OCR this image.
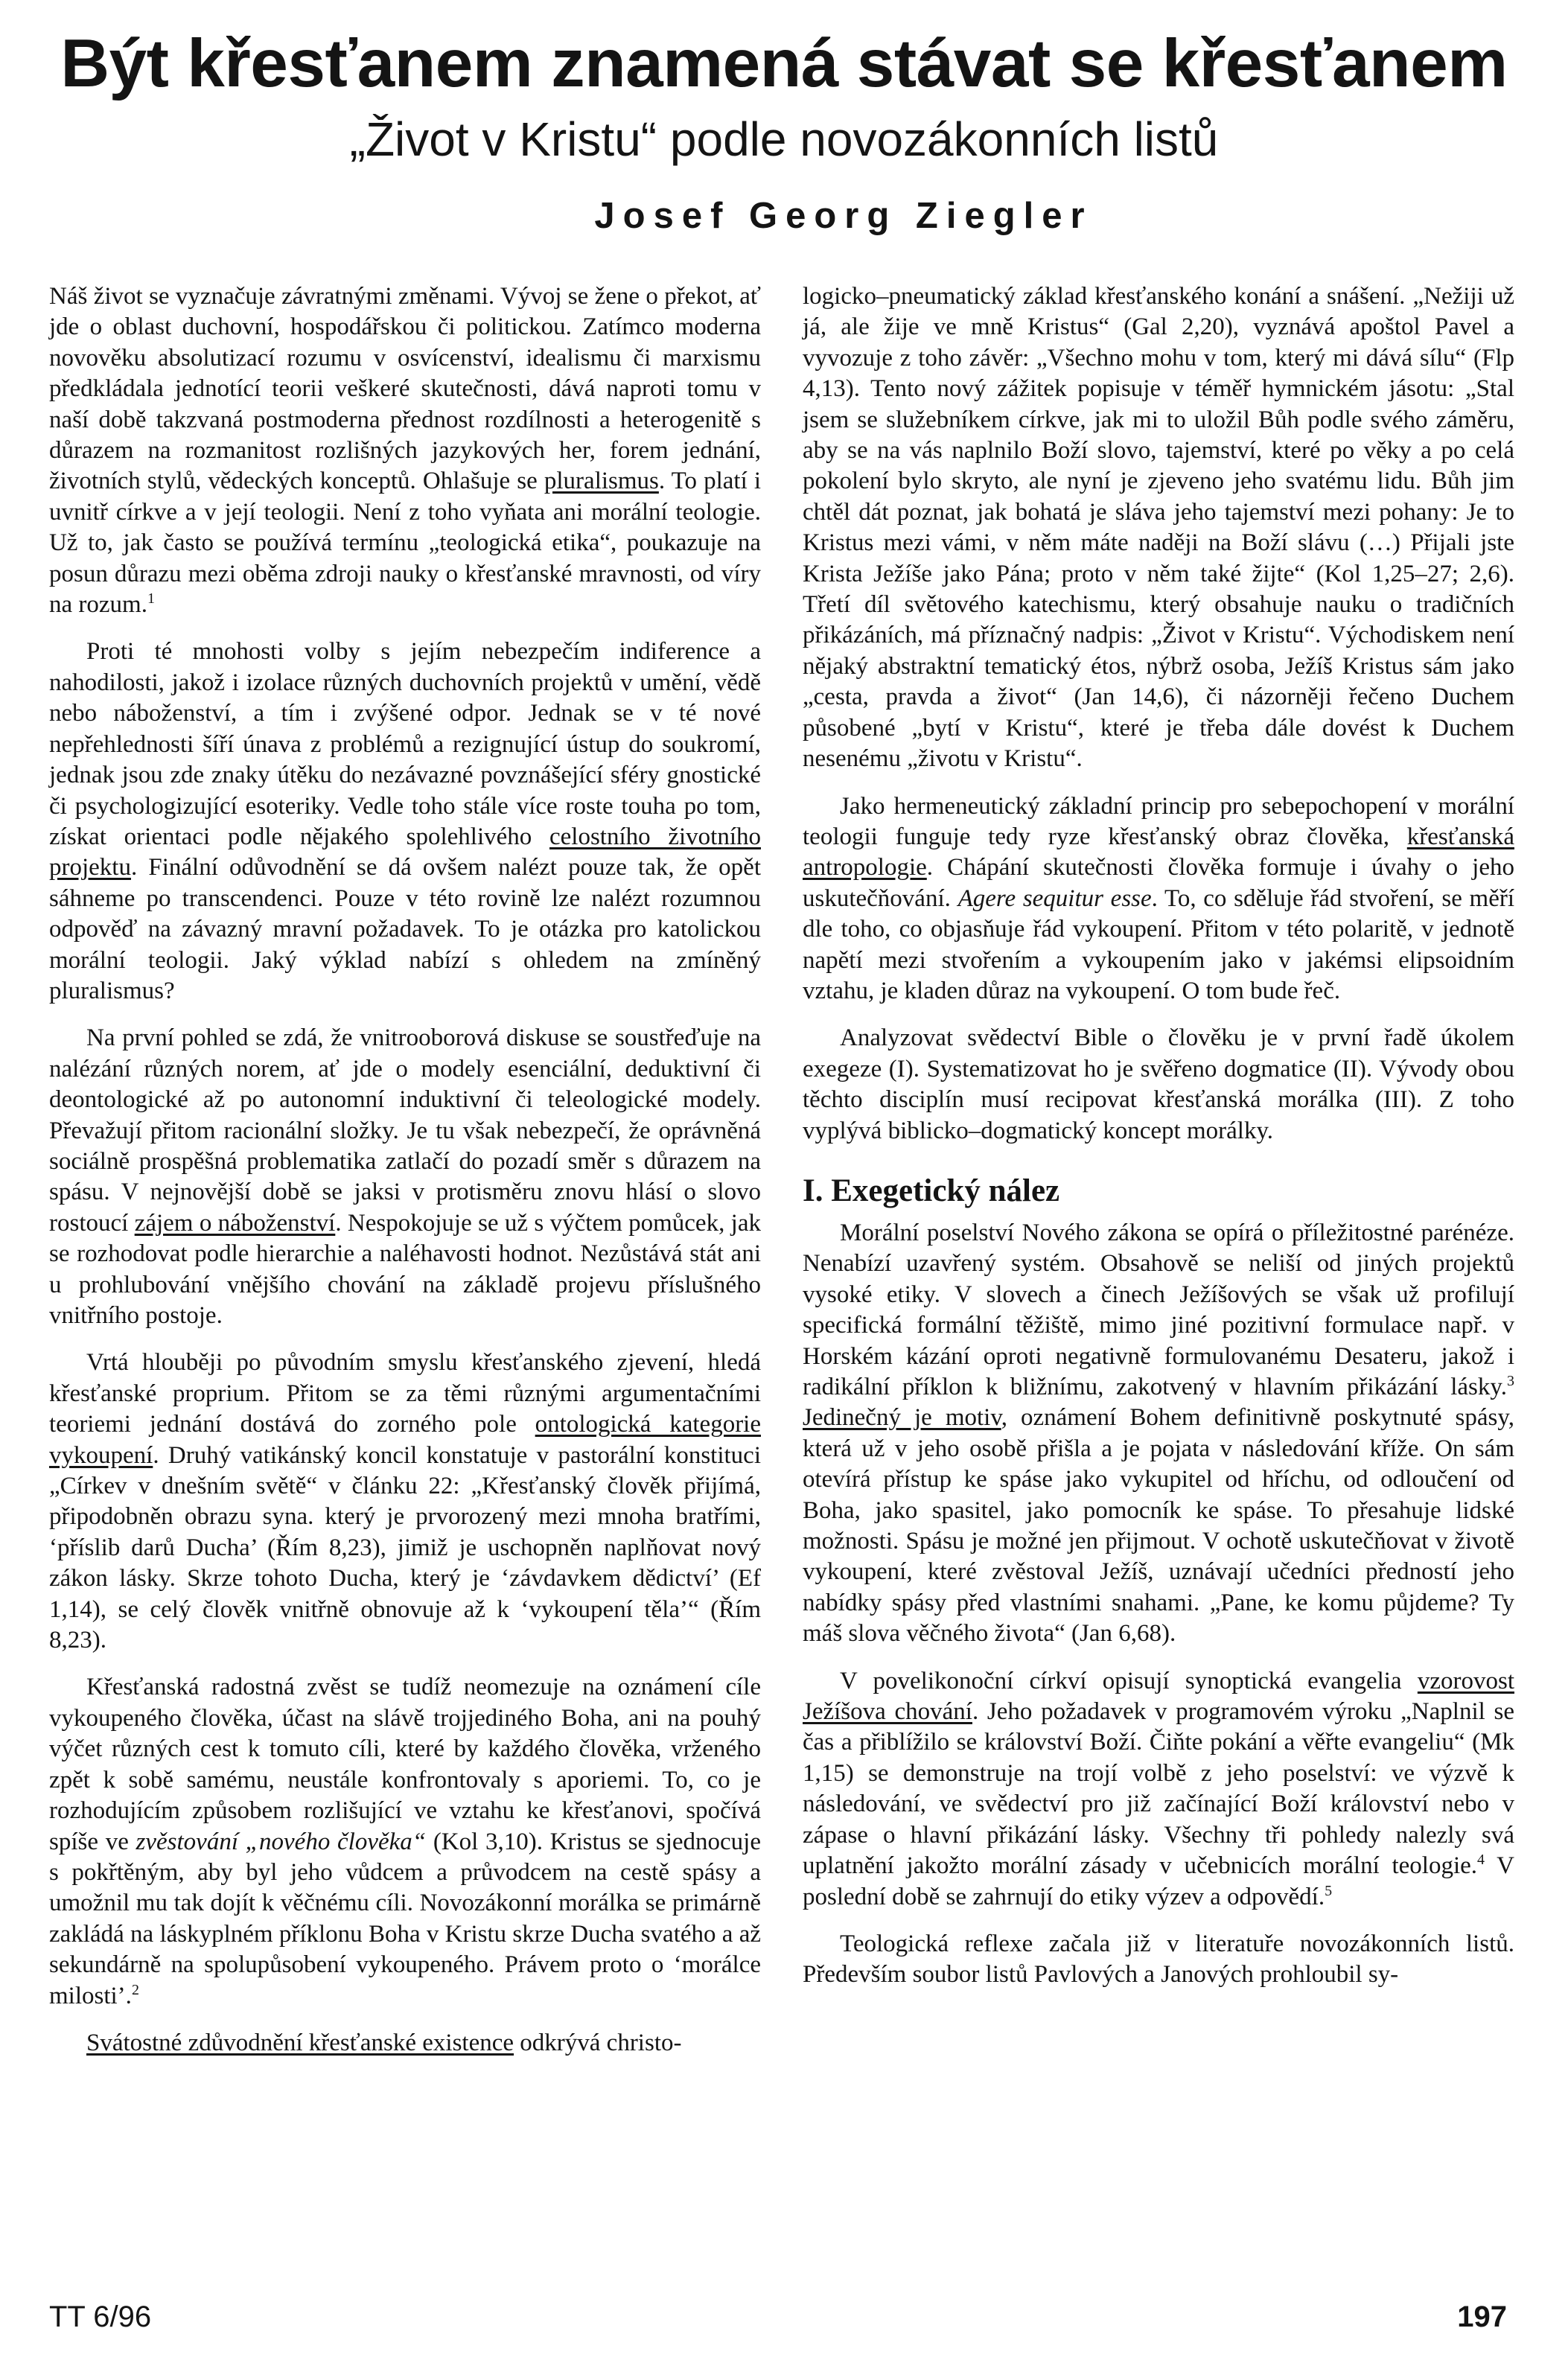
Být křesťanem znamená stávat se křesťanem
„Život v Kristu“ podle novozákonních listů
Josef Georg Ziegler

Náš život se vyznačuje závratnými změnami. Vývoj se žene o překot, ať jde o oblast duchovní, hospodářskou či politickou. Zatímco moderna novověku absolutizací rozumu v osvícenství, idealismu či marxismu předkládala jednotící teorii veškeré skutečnosti, dává naproti tomu v naší době takzvaná postmoderna přednost rozdílnosti a heterogenitě s důrazem na rozmanitost rozlišných jazykových her, forem jednání, životních stylů, vědeckých konceptů. Ohlašuje se pluralismus. To platí i uvnitř církve a v její teologii. Není z toho vyňata ani morální teologie. Už to, jak často se používá termínu „teologická etika“, poukazuje na posun důrazu mezi oběma zdroji nauky o křesťanské mravnosti, od víry na rozum.$^1$

Proti té mnohosti volby s jejím nebezpečím indiference a nahodilosti, jakož i izolace různých duchovních projektů v umění, vědě nebo náboženství, a tím i zvýšené odpor. Jednak se v té nové nepřehlednosti šíří únava z problémů a rezignující ústup do soukromí, jednak jsou zde znaky útěku do nezávazné povznášející sféry gnostické či psychologizující esoteriky. Vedle toho stále více roste touha po tom, získat orientaci podle nějakého spolehlivého celostního životního projektu. Finální odůvodnění se dá ovšem nalézt pouze tak, že opět sáhneme po transcendenci. Pouze v této rovině lze nalézt rozumnou odpověď na závazný mravní požadavek. To je otázka pro katolickou morální teologii. Jaký výklad nabízí s ohledem na zmíněný pluralismus?

Na první pohled se zdá, že vnitrooborová diskuse se soustřeďuje na nalézání různých norem, ať jde o modely esenciální, deduktivní či deontologické až po autonomní induktivní či teleologické modely. Převažují přitom racionální složky. Je tu však nebezpečí, že oprávněná sociálně prospěšná problematika zatlačí do pozadí směr s důrazem na spásu. V nejnovější době se jaksi v protisměru znovu hlásí o slovo rostoucí zájem o náboženství. Nespokojuje se už s výčtem pomůcek, jak se rozhodovat podle hierarchie a naléhavosti hodnot. Nezůstává stát ani u prohlubování vnějšího chování na základě projevu příslušného vnitřního postoje.

Vrtá hlouběji po původním smyslu křesťanského zjevení, hledá křesťanské proprium. Přitom se za těmi různými argumentačními teoriemi jednání dostává do zorného pole ontologická kategorie vykoupení. Druhý vatikánský koncil konstatuje v pastorální konstituci „Církev v dnešním světě“ v článku 22: „Křesťanský člověk přijímá, připodobněn obrazu syna. který je prvorozený mezi mnoha bratřími, ‘příslib darů Ducha’ (Řím 8,23), jimiž je uschopněn naplňovat nový zákon lásky. Skrze tohoto Ducha, který je ‘závdavkem dědictví’ (Ef 1,14), se celý člověk vnitřně obnovuje až k ‘vykoupení těla’“ (Řím 8,23).

Křesťanská radostná zvěst se tudíž neomezuje na oznámení cíle vykoupeného člověka, účast na slávě trojjediného Boha, ani na pouhý výčet různých cest k tomuto cíli, které by každého člověka, vrženého zpět k sobě samému, neustále konfrontovaly s aporiemi. To, co je rozhodujícím způsobem rozlišující ve vztahu ke křesťanovi, spočívá spíše ve zvěstování „nového člověka“ (Kol 3,10). Kristus se sjednocuje s pokřtěným, aby byl jeho vůdcem a průvodcem na cestě spásy a umožnil mu tak dojít k věčnému cíli. Novozákonní morálka se primárně zakládá na láskyplném příklonu Boha v Kristu skrze Ducha svatého a až sekundárně na spolupůsobení vykoupeného. Právem proto o ‘morálce milosti’.$^2$

Svátostné zdůvodnění křesťanské existence odkrývá christo-

logicko–pneumatický základ křesťanského konání a snášení. „Nežiji už já, ale žije ve mně Kristus“ (Gal 2,20), vyznává apoštol Pavel a vyvozuje z toho závěr: „Všechno mohu v tom, který mi dává sílu“ (Flp 4,13). Tento nový zážitek popisuje v téměř hymnickém jásotu: „Stal jsem se služebníkem církve, jak mi to uložil Bůh podle svého záměru, aby se na vás naplnilo Boží slovo, tajemství, které po věky a po celá pokolení bylo skryto, ale nyní je zjeveno jeho svatému lidu. Bůh jim chtěl dát poznat, jak bohatá je sláva jeho tajemství mezi pohany: Je to Kristus mezi vámi, v něm máte naději na Boží slávu (…) Přijali jste Krista Ježíše jako Pána; proto v něm také žijte“ (Kol 1,25–27; 2,6). Třetí díl světového katechismu, který obsahuje nauku o tradičních přikázáních, má příznačný nadpis: „Život v Kristu“. Východiskem není nějaký abstraktní tematický étos, nýbrž osoba, Ježíš Kristus sám jako „cesta, pravda a život“ (Jan 14,6), či názorněji řečeno Duchem působené „bytí v Kristu“, které je třeba dále dovést k Duchem nesenému „životu v Kristu“.

Jako hermeneutický základní princip pro sebepochopení v morální teologii funguje tedy ryze křesťanský obraz člověka, křesťanská antropologie. Chápání skutečnosti člověka formuje i úvahy o jeho uskutečňování. Agere sequitur esse. To, co sděluje řád stvoření, se měří dle toho, co objasňuje řád vykoupení. Přitom v této polaritě, v jednotě napětí mezi stvořením a vykoupením jako v jakémsi elipsoidním vztahu, je kladen důraz na vykoupení. O tom bude řeč.

Analyzovat svědectví Bible o člověku je v první řadě úkolem exegeze (I). Systematizovat ho je svěřeno dogmatice (II). Vývody obou těchto disciplín musí recipovat křesťanská morálka (III). Z toho vyplývá biblicko–dogmatický koncept morálky.

I. Exegetický nález

Morální poselství Nového zákona se opírá o příležitostné parénéze. Nenabízí uzavřený systém. Obsahově se neliší od jiných projektů vysoké etiky. V slovech a činech Ježíšových se však už profilují specifická formální těžiště, mimo jiné pozitivní formulace např. v Horském kázání oproti negativně formulovanému Desateru, jakož i radikální příklon k bližnímu, zakotvený v hlavním přikázání lásky.$^3$ Jedinečný je motiv, oznámení Bohem definitivně poskytnuté spásy, která už v jeho osobě přišla a je pojata v následování kříže. On sám otevírá přístup ke spáse jako vykupitel od hříchu, od odloučení od Boha, jako spasitel, jako pomocník ke spáse. To přesahuje lidské možnosti. Spásu je možné jen přijmout. V ochotě uskutečňovat v životě vykoupení, které zvěstoval Ježíš, uznávají učedníci předností jeho nabídky spásy před vlastními snahami. „Pane, ke komu půjdeme? Ty máš slova věčného života“ (Jan 6,68).

V povelikonoční církví opisují synoptická evangelia vzorovost Ježíšova chování. Jeho požadavek v programovém výroku „Naplnil se čas a přiblížilo se království Boží. Čiňte pokání a věřte evangeliu“ (Mk 1,15) se demonstruje na trojí volbě z jeho poselství: ve výzvě k následování, ve svědectví pro již začínající Boží království nebo v zápase o hlavní přikázání lásky. Všechny tři pohledy nalezly svá uplatnění jakožto morální zásady v učebnicích morální teologie.$^4$ V poslední době se zahrnují do etiky výzev a odpovědí.$^5$

Teologická reflexe začala již v literatuře novozákonních listů. Především soubor listů Pavlových a Janových prohloubil sy-

TT 6/96	197
